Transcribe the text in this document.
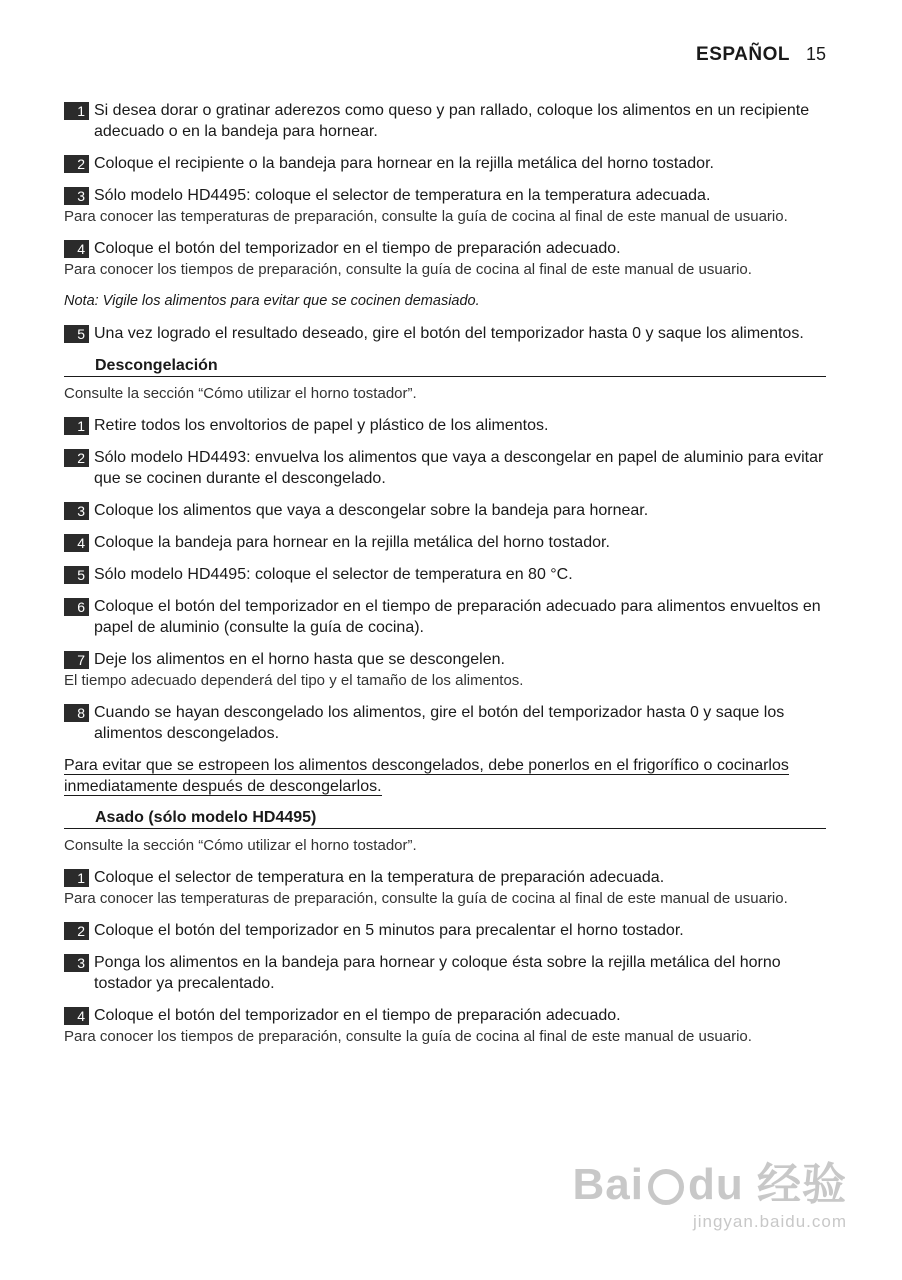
ESPAÑOL 15
1 Si desea dorar o gratinar aderezos como queso y pan rallado, coloque los alimentos en un recipiente adecuado o en la bandeja para hornear.
2 Coloque el recipiente o la bandeja para hornear en la rejilla metálica del horno tostador.
3 Sólo modelo HD4495: coloque el selector de temperatura en la temperatura adecuada.
Para conocer las temperaturas de preparación, consulte la guía de cocina al final de este manual de usuario.
4 Coloque el botón del temporizador en el tiempo de preparación adecuado.
Para conocer los tiempos de preparación, consulte la guía de cocina al final de este manual de usuario.
Nota: Vigile los alimentos para evitar que se cocinen demasiado.
5 Una vez logrado el resultado deseado, gire el botón del temporizador hasta 0 y saque los alimentos.
Descongelación
Consulte la sección “Cómo utilizar el horno tostador”.
1 Retire todos los envoltorios de papel y plástico de los alimentos.
2 Sólo modelo HD4493: envuelva los alimentos que vaya a descongelar en papel de aluminio para evitar que se cocinen durante el descongelado.
3 Coloque los alimentos que vaya a descongelar sobre la bandeja para hornear.
4 Coloque la bandeja para hornear en la rejilla metálica del horno tostador.
5 Sólo modelo HD4495: coloque el selector de temperatura en 80 °C.
6 Coloque el botón del temporizador en el tiempo de preparación adecuado para alimentos envueltos en papel de aluminio (consulte la guía de cocina).
7 Deje los alimentos en el horno hasta que se descongelen.
El tiempo adecuado dependerá del tipo y el tamaño de los alimentos.
8 Cuando se hayan descongelado los alimentos, gire el botón del temporizador hasta 0 y saque los alimentos descongelados.
Para evitar que se estropeen los alimentos descongelados, debe ponerlos en el frigorífico o cocinarlos inmediatamente después de descongelarlos.
Asado (sólo modelo HD4495)
Consulte la sección “Cómo utilizar el horno tostador”.
1 Coloque el selector de temperatura en la temperatura de preparación adecuada.
Para conocer las temperaturas de preparación, consulte la guía de cocina al final de este manual de usuario.
2 Coloque el botón del temporizador en 5 minutos para precalentar el horno tostador.
3 Ponga los alimentos en la bandeja para hornear y coloque ésta sobre la rejilla metálica del horno tostador ya precalentado.
4 Coloque el botón del temporizador en el tiempo de preparación adecuado.
Para conocer los tiempos de preparación, consulte la guía de cocina al final de este manual de usuario.
Bai du 经验
jingyan.baidu.com
